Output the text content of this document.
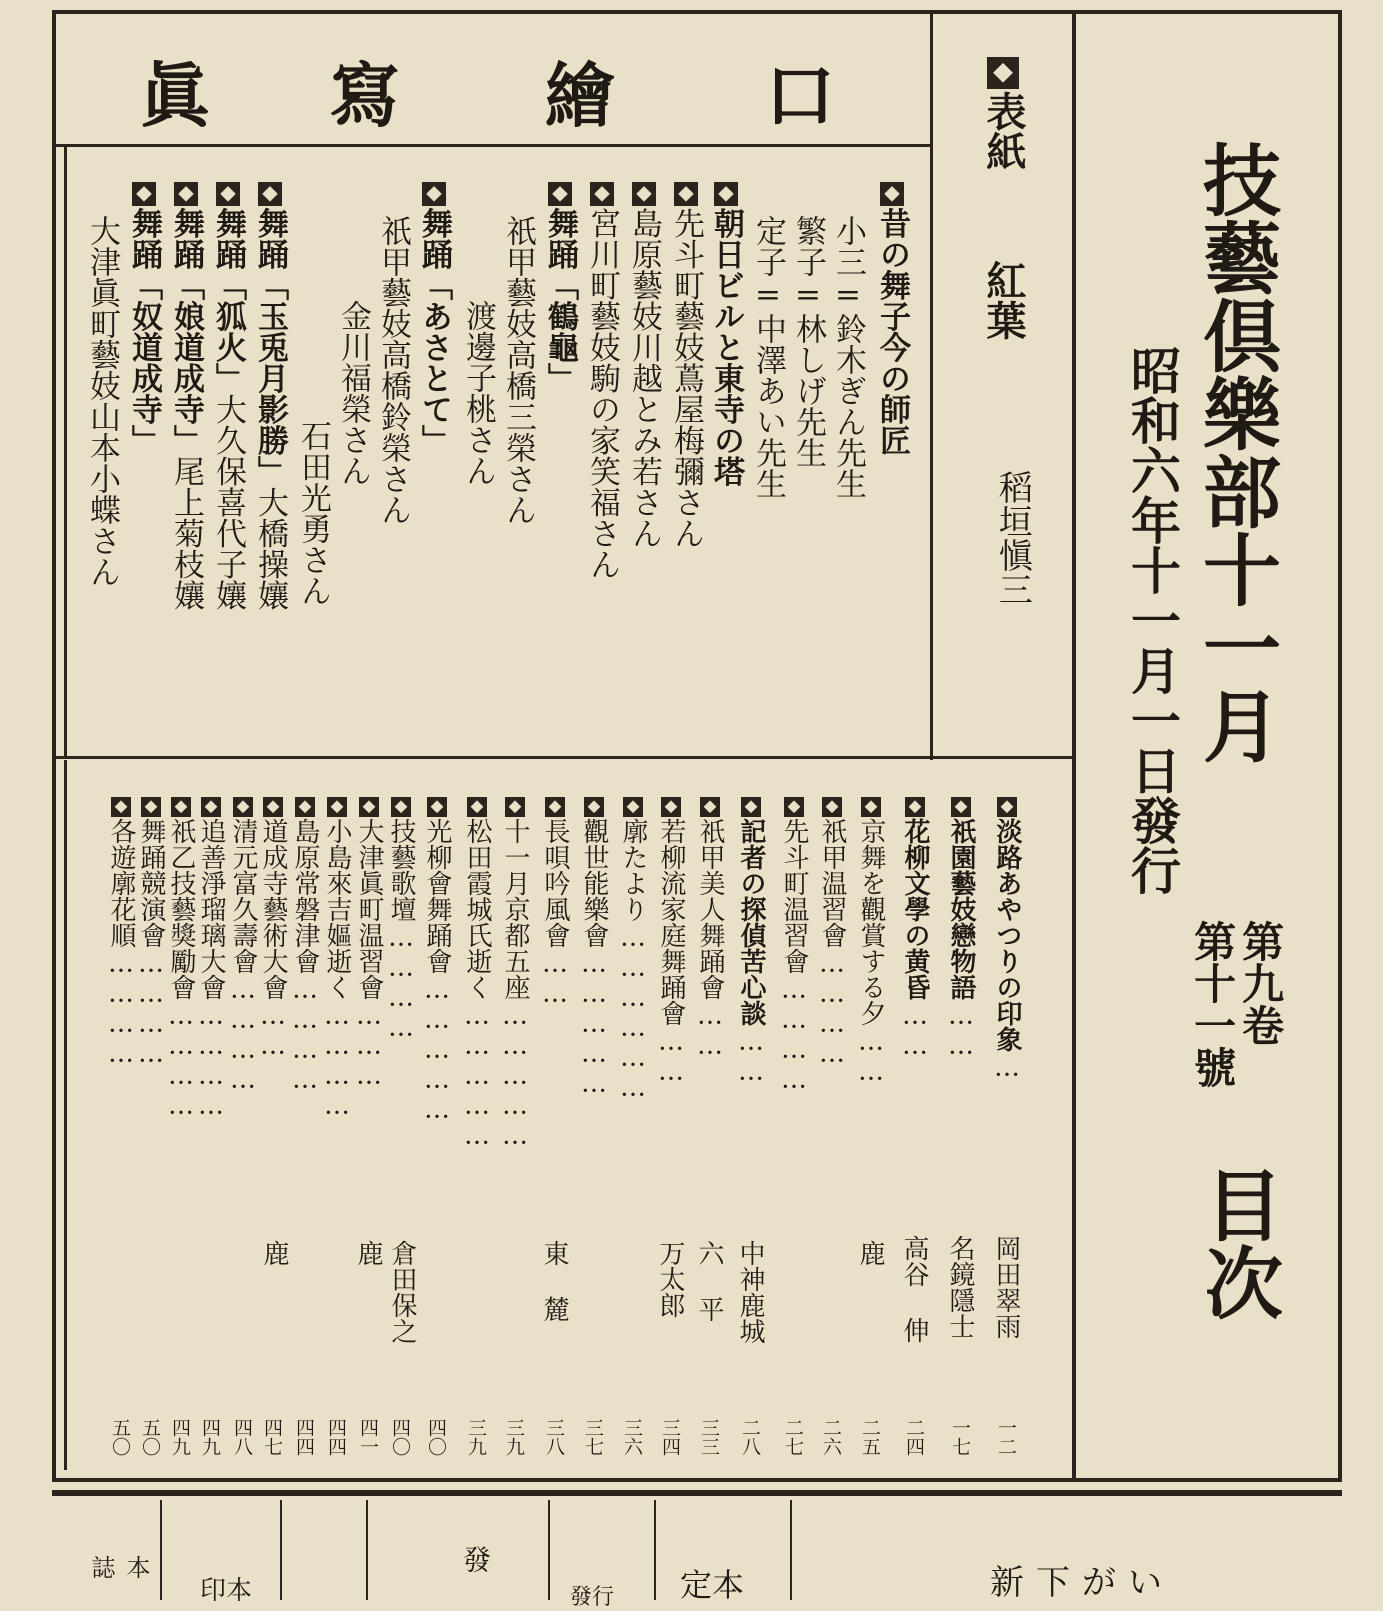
口
繪
寫
眞	表紙
紅葉
稻垣愼三 技藝倶樂部十一月
第九卷
第十一號
目次
昭和六年十一月一日發行
昔の舞子今の師匠
小三=鈴木ぎん先生
繁子=林しげ先生
定子=中澤あい先生
朝日ビルと東寺の塔
先斗町藝妓蔦屋梅彌さん
島原藝妓川越とみ若さん
宮川町藝妓駒の家笑福さん
舞踊「鶴龜」
祇甲藝妓高橋三榮さん
渡邊子桃さん
舞踊「あさとて」
祇甲藝妓高橋鈴榮さん
金川福榮さん
石田光勇さん
舞踊「玉兎月影勝」大橋操孃
舞踊「狐火」大久保喜代子孃
舞踊「娘道成寺」尾上菊枝孃
舞踊「奴道成寺」
大津眞町藝妓山本小蝶さん
淡路あやつりの印象…
岡田翠雨
一二
祇園藝妓戀物語……
名鏡隱士
一七
花柳文學の黄昏……
高谷 伸
二四
京舞を觀賞する夕……
鹿
二五
祇甲温習會…………
二六
先斗町温習會…………
二七
記者の探偵苦心談……
中神鹿城
二八
祇甲美人舞踊會……
六 平
三三
若柳流家庭舞踊會……
万太郎
三四
廓たより………………
三六
觀世能樂會……………
三七
長唄吟風會……
東 麓
三八
十一月京都五座……………
三九
松田霞城氏逝く……………
三九
光柳會舞踊會……………
四〇
技藝歌壇…………
倉田保之
四〇
大津眞町温習會………
鹿
四一
小島來吉嫗逝く…………
四四
島原常磐津會…………
四四
道成寺藝術大會……
鹿
四七
清元富久壽會…………
四八
追善淨瑠璃大會…………
四九
祇乙技藝獎勵會…………
四九
舞踊競演會…………
五〇
各遊廓花順…………
五〇
本誌
印本
發
發行 定本	新下がい
